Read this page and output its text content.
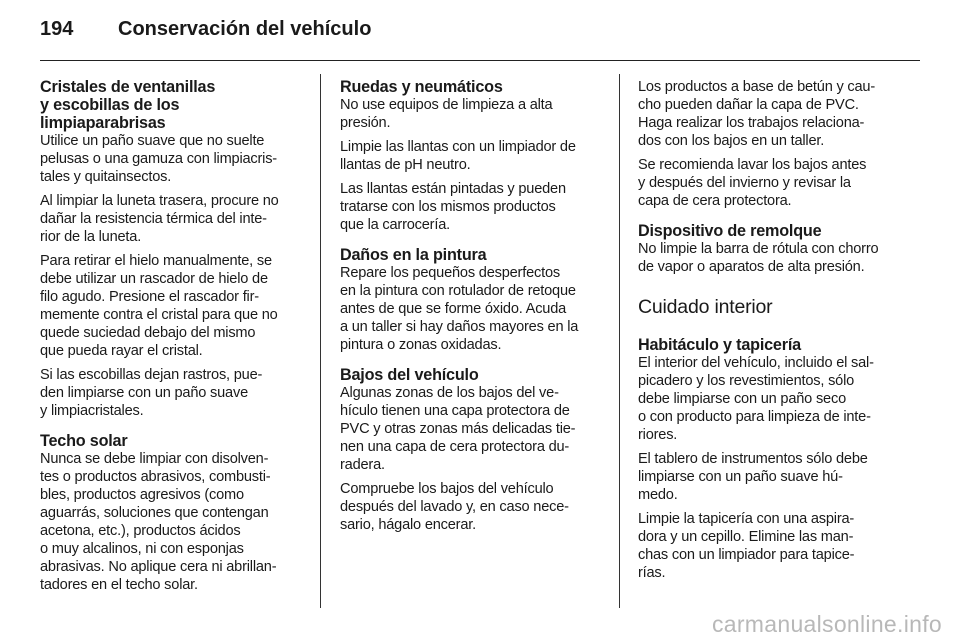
194 Conservación del vehículo
Cristales de ventanillas
y escobillas de los
limpiaparabrisas

Utilice un paño suave que no suelte
pelusas o una gamuza con limpiacris-
tales y quitainsectos.

Al limpiar la luneta trasera, procure no
dañar la resistencia térmica del inte-
rior de la luneta.

Para retirar el hielo manualmente, se
debe utilizar un rascador de hielo de
filo agudo. Presione el rascador fir-
memente contra el cristal para que no
quede suciedad debajo del mismo
que pueda rayar el cristal.

Si las escobillas dejan rastros, pue-
den limpiarse con un paño suave
y limpiacristales.

Techo solar

Nunca se debe limpiar con disolven-
tes o productos abrasivos, combusti-
bles, productos agresivos (como
aguarrás, soluciones que contengan
acetona, etc.), productos ácidos
o muy alcalinos, ni con esponjas
abrasivas. No aplique cera ni abrillan-
tadores en el techo solar.

Ruedas y neumáticos

No use equipos de limpieza a alta
presión.

Limpie las llantas con un limpiador de
llantas de pH neutro.

Las llantas están pintadas y pueden
tratarse con los mismos productos
que la carrocería.

Daños en la pintura

Repare los pequeños desperfectos
en la pintura con rotulador de retoque
antes de que se forme óxido. Acuda
a un taller si hay daños mayores en la
pintura o zonas oxidadas.

Bajos del vehículo

Algunas zonas de los bajos del ve-
hículo tienen una capa protectora de
PVC y otras zonas más delicadas tie-
nen una capa de cera protectora du-
radera.

Compruebe los bajos del vehículo
después del lavado y, en caso nece-
sario, hágalo encerar.

Los productos a base de betún y cau-
cho pueden dañar la capa de PVC.
Haga realizar los trabajos relaciona-
dos con los bajos en un taller.

Se recomienda lavar los bajos antes
y después del invierno y revisar la
capa de cera protectora.

Dispositivo de remolque

No limpie la barra de rótula con chorro
de vapor o aparatos de alta presión.

Cuidado interior
Habitáculo y tapicería

El interior del vehículo, incluido el sal-
picadero y los revestimientos, sólo
debe limpiarse con un paño seco
o con producto para limpieza de inte-
riores.

El tablero de instrumentos sólo debe
limpiarse con un paño suave hú-
medo.

Limpie la tapicería con una aspira-
dora y un cepillo. Elimine las man-
chas con un limpiador para tapice-
rías.

carmanualsonline.info
